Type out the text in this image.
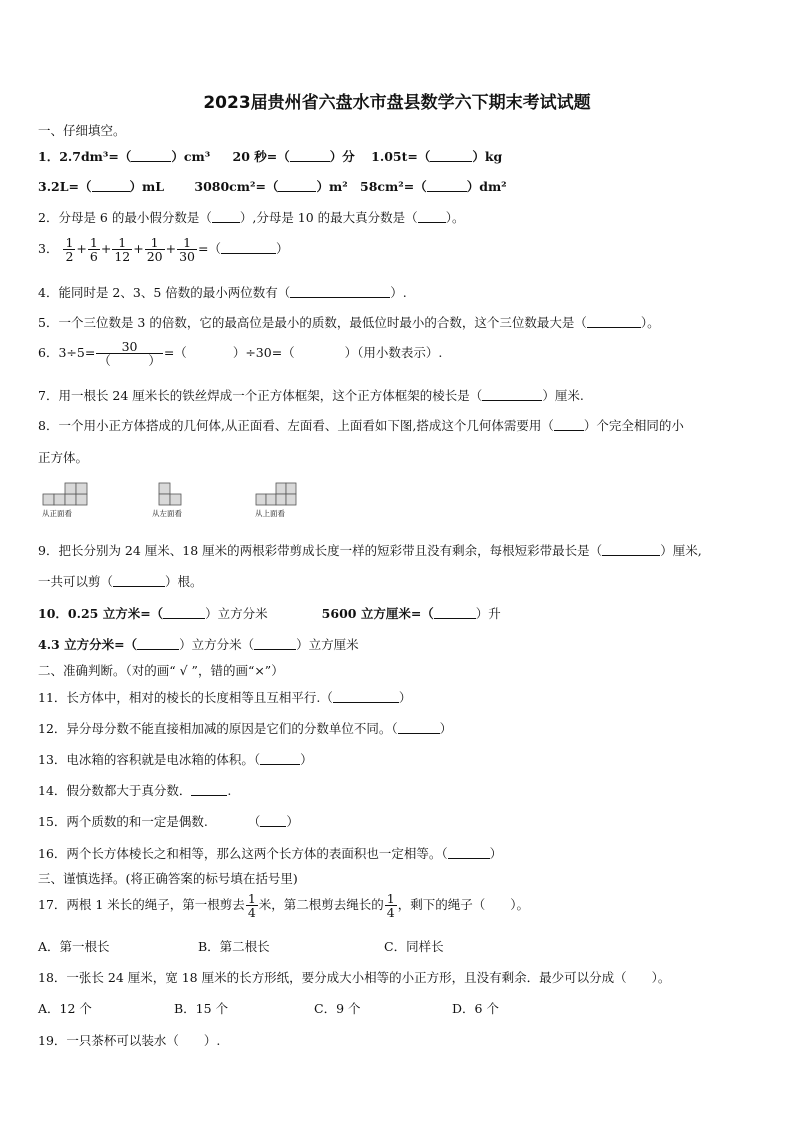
2023届贵州省六盘水市盘县数学六下期末考试试题
一、仔细填空。
1．2.7dm³=（	）cm³ 20 秒=（	）分 1.05t=（	）kg
3.2L=（	）mL 3080cm²=（	）m² 58cm²=（	）dm²
2．分母是 6 的最小假分数是（ ）,分母是 10 的最大真分数是（ ）。
3． $\frac{1}{2} + \frac{1}{6} + \frac{1}{12} + \frac{1}{20} + \frac{1}{30}$ =（	）
4．能同时是 2、3、5 倍数的最小两位数有（	）.
5．一个三位数是 3 的倍数，它的最高位是最小的质数，最低位时最小的合数，这个三位数最大是（	）。
6．$3\div 5= \frac{30}{( )}$ =（	）÷30=（	）（用小数表示）.
7．用一根长 24 厘米长的铁丝焊成一个正方体框架，这个正方体框架的棱长是（	）厘米.
8．一个用小正方体搭成的几何体,从正面看、左面看、上面看如下图,搭成这个几何体需要用（ ）个完全相同的小
正方体。
从正面看	从左面看	从上面看
9．把长分别为 24 厘米、18 厘米的两根彩带剪成长度一样的短彩带且没有剩余，每根短彩带最长是（	）厘米,
一共可以剪（	）根。
10．0.25 立方米=（	）立方分米	5600 立方厘米=（	）升
4.3 立方分米=（	）立方分米（	）立方厘米
二、准确判断。（对的画“ √ ”，错的画“×”）
11．长方体中，相对的棱长的长度相等且互相平行.（	）
12．异分母分数不能直接相加减的原因是它们的分数单位不同。（	）
13．电冰箱的容积就是电冰箱的体积。（	）
14．假分数都大于真分数．	.
15．两个质数的和一定是偶数.	（ ）
16．两个长方体棱长之和相等，那么这两个长方体的表面积也一定相等。（	）
三、谨慎选择。(将正确答案的标号填在括号里)
17．两根 1 米长的绳子，第一根剪去 $\frac{1}{4}$ 米，第二根剪去绳长的 $\frac{1}{4}$ ，剩下的绳子（　　）。
A．第一根长	B．第二根长	C．同样长
18．一张长 24 厘米，宽 18 厘米的长方形纸，要分成大小相等的小正方形，且没有剩余．最少可以分成（　　）。
A．12 个	B．15 个	C．9 个	D．6 个
19．一只茶杯可以装水（　　）.
